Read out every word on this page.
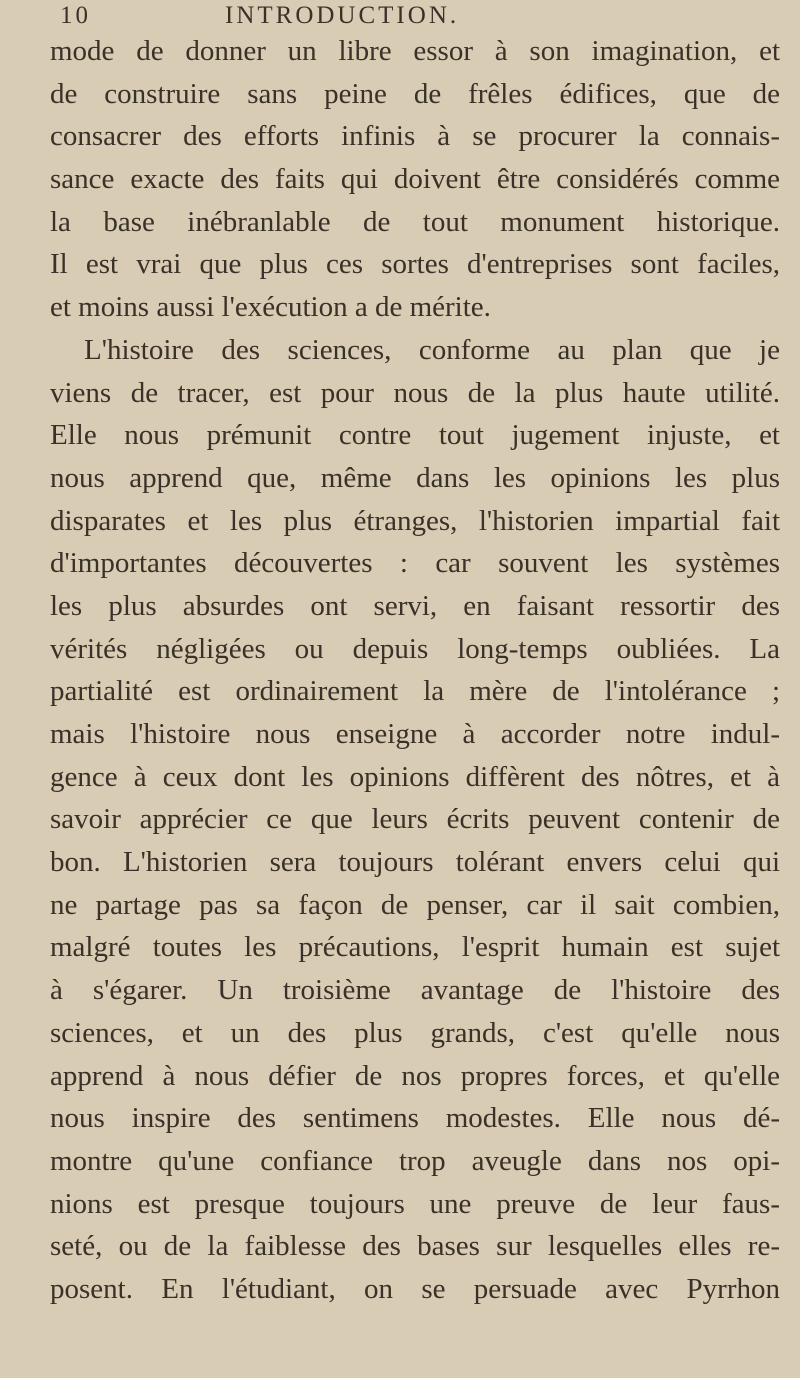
10	INTRODUCTION.
mode de donner un libre essor à son imagination, et
de construire sans peine de frêles édifices, que de
consacrer des efforts infinis à se procurer la connais-
sance exacte des faits qui doivent être considérés comme
la base inébranlable de tout monument historique.
Il est vrai que plus ces sortes d'entreprises sont faciles,
et moins aussi l'exécution a de mérite.
L'histoire des sciences, conforme au plan que je
viens de tracer, est pour nous de la plus haute utilité.
Elle nous prémunit contre tout jugement injuste, et
nous apprend que, même dans les opinions les plus
disparates et les plus étranges, l'historien impartial fait
d'importantes découvertes : car souvent les systèmes
les plus absurdes ont servi, en faisant ressortir des
vérités négligées ou depuis long-temps oubliées. La
partialité est ordinairement la mère de l'intolérance ;
mais l'histoire nous enseigne à accorder notre indul-
gence à ceux dont les opinions diffèrent des nôtres, et à
savoir apprécier ce que leurs écrits peuvent contenir de
bon. L'historien sera toujours tolérant envers celui qui
ne partage pas sa façon de penser, car il sait combien,
malgré toutes les précautions, l'esprit humain est sujet
à s'égarer. Un troisième avantage de l'histoire des
sciences, et un des plus grands, c'est qu'elle nous
apprend à nous défier de nos propres forces, et qu'elle
nous inspire des sentimens modestes. Elle nous dé-
montre qu'une confiance trop aveugle dans nos opi-
nions est presque toujours une preuve de leur faus-
seté, ou de la faiblesse des bases sur lesquelles elles re-
posent. En l'étudiant, on se persuade avec Pyrrhon
